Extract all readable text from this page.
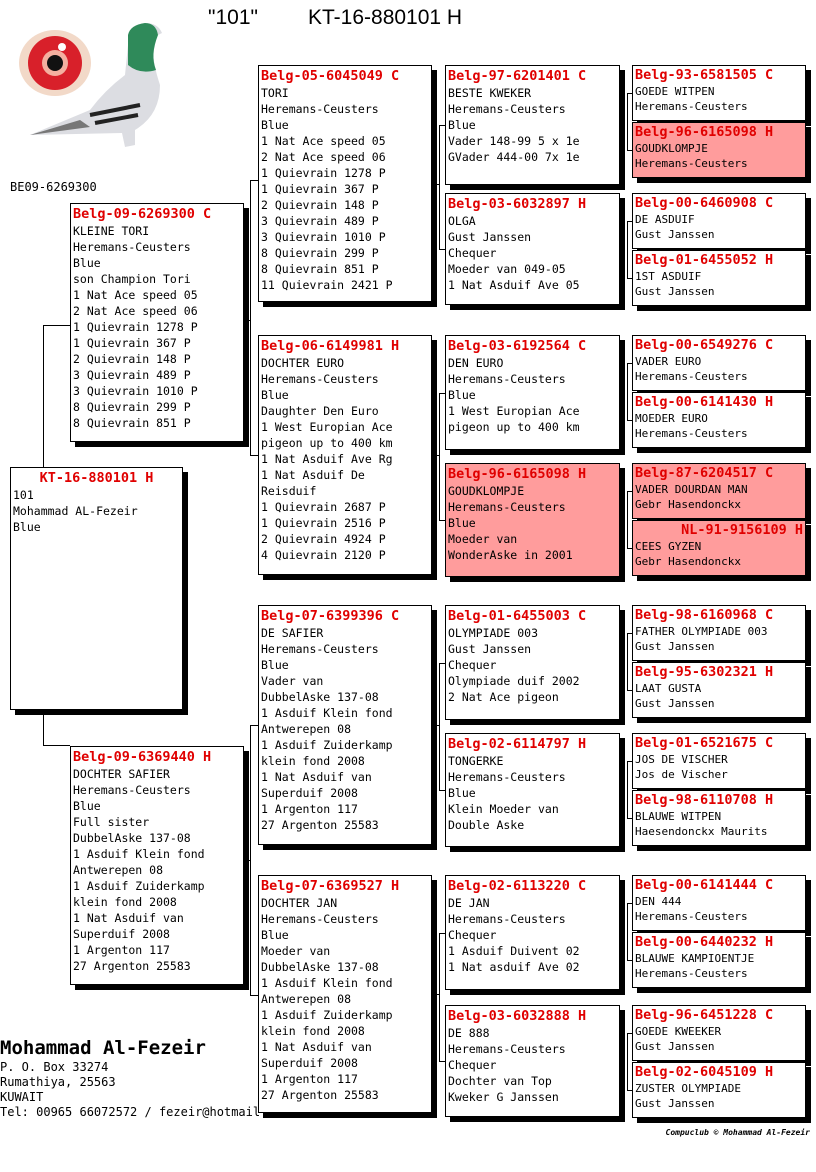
"101" KT-16-880101 H
BE09-6269300
KT-16-880101 H
101
Mohammad AL-Fezeir
Blue
Belg-09-6269300 C
KLEINE TORI
Heremans-Ceusters
Blue
son Champion Tori
1 Nat Ace speed 05
2 Nat Ace speed 06
1 Quievrain 1278 P
1 Quievrain 367 P
2 Quievrain 148 P
3 Quievrain 489 P
3 Quievrain 1010 P
8 Quievrain 299 P
8 Quievrain 851 P
Belg-09-6369440 H
DOCHTER SAFIER
Heremans-Ceusters
Blue
Full sister
DubbelAske 137-08
1 Asduif Klein fond
Antwerepen 08
1 Asduif Zuiderkamp
klein fond 2008
1 Nat Asduif van
Superduif 2008
1 Argenton 117
27 Argenton 25583
Belg-05-6045049 C
TORI
Heremans-Ceusters
Blue
1 Nat Ace speed 05
2 Nat Ace speed 06
1 Quievrain 1278 P
1 Quievrain 367 P
2 Quievrain 148 P
3 Quievrain 489 P
3 Quievrain 1010 P
8 Quievrain 299 P
8 Quievrain 851 P
11 Quievrain 2421 P
Belg-06-6149981 H
DOCHTER EURO
Heremans-Ceusters
Blue
Daughter Den Euro
1 West Europian Ace
pigeon up to 400 km
1 Nat Asduif Ave Rg
1 Nat Asduif De
Reisduif
1 Quievrain 2687 P
1 Quievrain 2516 P
2 Quievrain 4924 P
4 Quievrain 2120 P
Belg-07-6399396 C
DE SAFIER
Heremans-Ceusters
Blue
Vader van
DubbelAske 137-08
1 Asduif Klein fond
Antwerepen 08
1 Asduif Zuiderkamp
klein fond 2008
1 Nat Asduif van
Superduif 2008
1 Argenton 117
27 Argenton 25583
Belg-07-6369527 H
DOCHTER JAN
Heremans-Ceusters
Blue
Moeder van
DubbelAske 137-08
1 Asduif Klein fond
Antwerepen 08
1 Asduif Zuiderkamp
klein fond 2008
1 Nat Asduif van
Superduif 2008
1 Argenton 117
27 Argenton 25583
Belg-97-6201401 C
BESTE KWEKER
Heremans-Ceusters
Blue
Vader 148-99 5 x 1e
GVader 444-00 7x 1e
Belg-03-6032897 H
OLGA
Gust Janssen
Chequer
Moeder van 049-05
1 Nat Asduif Ave 05
Belg-03-6192564 C
DEN EURO
Heremans-Ceusters
Blue
1 West Europian Ace
pigeon up to 400 km
Belg-96-6165098 H
GOUDKLOMPJE
Heremans-Ceusters
Blue
Moeder van
WonderAske in 2001
Belg-01-6455003 C
OLYMPIADE 003
Gust Janssen
Chequer
Olympiade duif 2002
2 Nat Ace pigeon
Belg-02-6114797 H
TONGERKE
Heremans-Ceusters
Blue
Klein Moeder van
Double Aske
Belg-02-6113220 C
DE JAN
Heremans-Ceusters
Chequer
1 Asduif Duivent 02
1 Nat asduif Ave 02
Belg-03-6032888 H
DE 888
Heremans-Ceusters
Chequer
Dochter van Top
Kweker G Janssen
Belg-93-6581505 C
GOEDE WITPEN
Heremans-Ceusters
Belg-96-6165098 H
GOUDKLOMPJE
Heremans-Ceusters
Belg-00-6460908 C
DE ASDUIF
Gust Janssen
Belg-01-6455052 H
1ST ASDUIF
Gust Janssen
Belg-00-6549276 C
VADER EURO
Heremans-Ceusters
Belg-00-6141430 H
MOEDER EURO
Heremans-Ceusters
Belg-87-6204517 C
VADER DOURDAN MAN
Gebr Hasendonckx
NL-91-9156109 H
CEES GYZEN
Gebr Hasendonckx
Belg-98-6160968 C
FATHER OLYMPIADE 003
Gust Janssen
Belg-95-6302321 H
LAAT GUSTA
Gust Janssen
Belg-01-6521675 C
JOS DE VISCHER
Jos de Vischer
Belg-98-6110708 H
BLAUWE WITPEN
Haesendonckx Maurits
Belg-00-6141444 C
DEN 444
Heremans-Ceusters
Belg-00-6440232 H
BLAUWE KAMPIOENTJE
Heremans-Ceusters
Belg-96-6451228 C
GOEDE KWEEKER
Gust Janssen
Belg-02-6045109 H
ZUSTER OLYMPIADE
Gust Janssen
Mohammad Al-Fezeir
P. O. Box 33274
Rumathiya, 25563
KUWAIT
Tel: 00965 66072572 / fezeir@hotmail.
Compuclub © Mohammad Al-Fezeir
